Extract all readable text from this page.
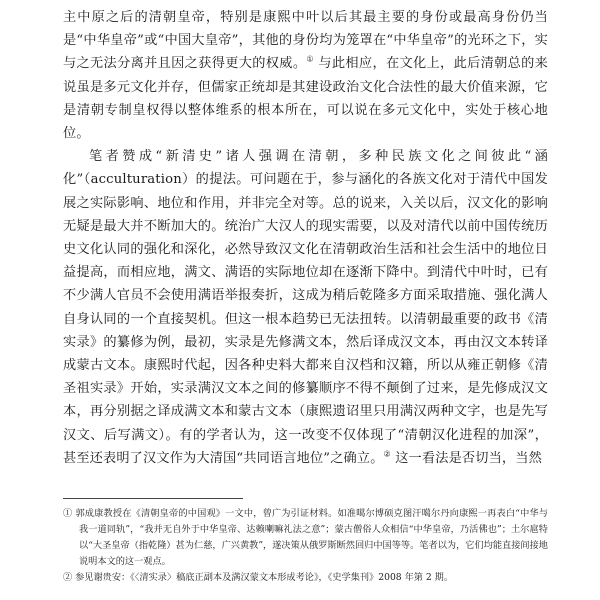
主中原之后的清朝皇帝，特别是康熙中叶以后其最主要的身份或最高身份仍当是“中华皇帝”或“中国大皇帝”，其他的身份均为笼罩在“中华皇帝”的光环之下，实与之无法分离并且因之获得更大的权威。① 与此相应，在文化上，此后清朝总的来说虽是多元文化并存，但儒家正统却是其建设政治文化合法性的最大价值来源，它是清朝专制皇权得以整体维系的根本所在，可以说在多元文化中，实处于核心地位。

笔者赞成“新清史”诸人强调在清朝，多种民族文化之间彼此“涵化”（acculturation）的提法。可问题在于，参与涵化的各族文化对于清代中国发展之实际影响、地位和作用，并非完全对等。总的说来，入关以后，汉文化的影响无疑是最大并不断加大的。统治广大汉人的现实需要，以及对清代以前中国传统历史文化认同的强化和深化，必然导致汉文化在清朝政治生活和社会生活中的地位日益提高，而相应地，满文、满语的实际地位却在逐渐下降中。到清代中叶时，已有不少满人官员不会使用满语举报奏折，这成为稍后乾隆多方面采取措施、强化满人自身认同的一个直接契机。但这一根本趋势已无法扭转。以清朝最重要的政书《清实录》的纂修为例，最初，实录是先修满文本，然后译成汉文本，再由汉文本转译成蒙古文本。康熙时代起，因各种史料大都来自汉档和汉籍，所以从雍正朝修《清圣祖实录》开始，实录满汉文本之间的修纂顺序不得不颠倒了过来，是先修成汉文本，再分别据之译成满文本和蒙古文本（康熙遗诏里只用满汉两种文字，也是先写汉文、后写满文）。有的学者认为，这一改变不仅体现了“清朝汉化进程的加深”，甚至还表明了汉文作为大清国“共同语言地位”之确立。② 这一看法是否切当，当然

① 郭成康教授在《清朝皇帝的中国观》一文中，曾广为引证材料。如准噶尔博硕克图汗噶尔丹向康熙一再表白“中华与我一道同轨”，“我并无自外于中华皇帝、达赖喇嘛礼法之意”；蒙古僧俗人众相信“中华皇帝，乃活佛也”；土尔扈特以“大圣皇帝（指乾隆）甚为仁慈，广兴黄教”，遂决策从俄罗斯断然回归中国等等。笔者以为，它们均能直接间接地说明本文的这一观点。

② 参见谢贵安：《〈清实录〉稿底正副本及满汉蒙文本形成考论》，《史学集刊》2008 年第 2 期。
